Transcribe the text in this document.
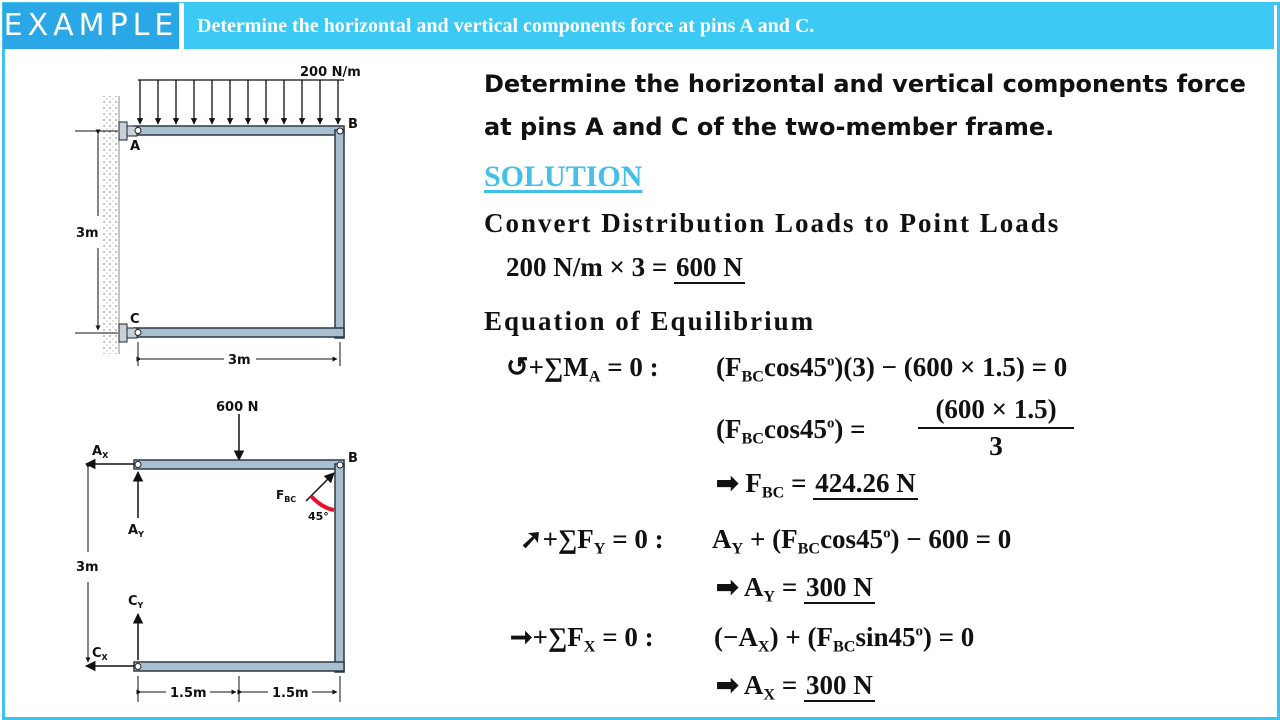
EXAMPLE Determine the horizontal and vertical components force at pins A and C.
200 N/m
A
B
C
3m
3m
600 N
$A_X$
$A_Y$
B
$F_{BC}$
45°
$C_Y$
$C_X$
3m
1.5m	1.5m
Determine the horizontal and vertical components force
at pins A and C of the two-member frame.
SOLUTION
Convert Distribution Loads to Point Loads
200 N/m × 3 = 600 N
Equation of Equilibrium
$↺+\sum M_A = 0$ : $(F_{BC}\cos 45^o)(3) - (600 \times 1.5) = 0$
$(F_{BC}\cos 45^o) = \frac{(600 \times 1.5)}{3}$
➡ $F_{BC} = 424.26$ N
$➚+\sum F_Y = 0$ : $A_Y + (F_{BC}\cos 45^o) - 600 = 0$
➡ $A_Y = 300$ N
$➞+\sum F_X = 0$ : $(-A_X) + (F_{BC}\sin 45^o) = 0$
➡ $A_X = 300$ N
